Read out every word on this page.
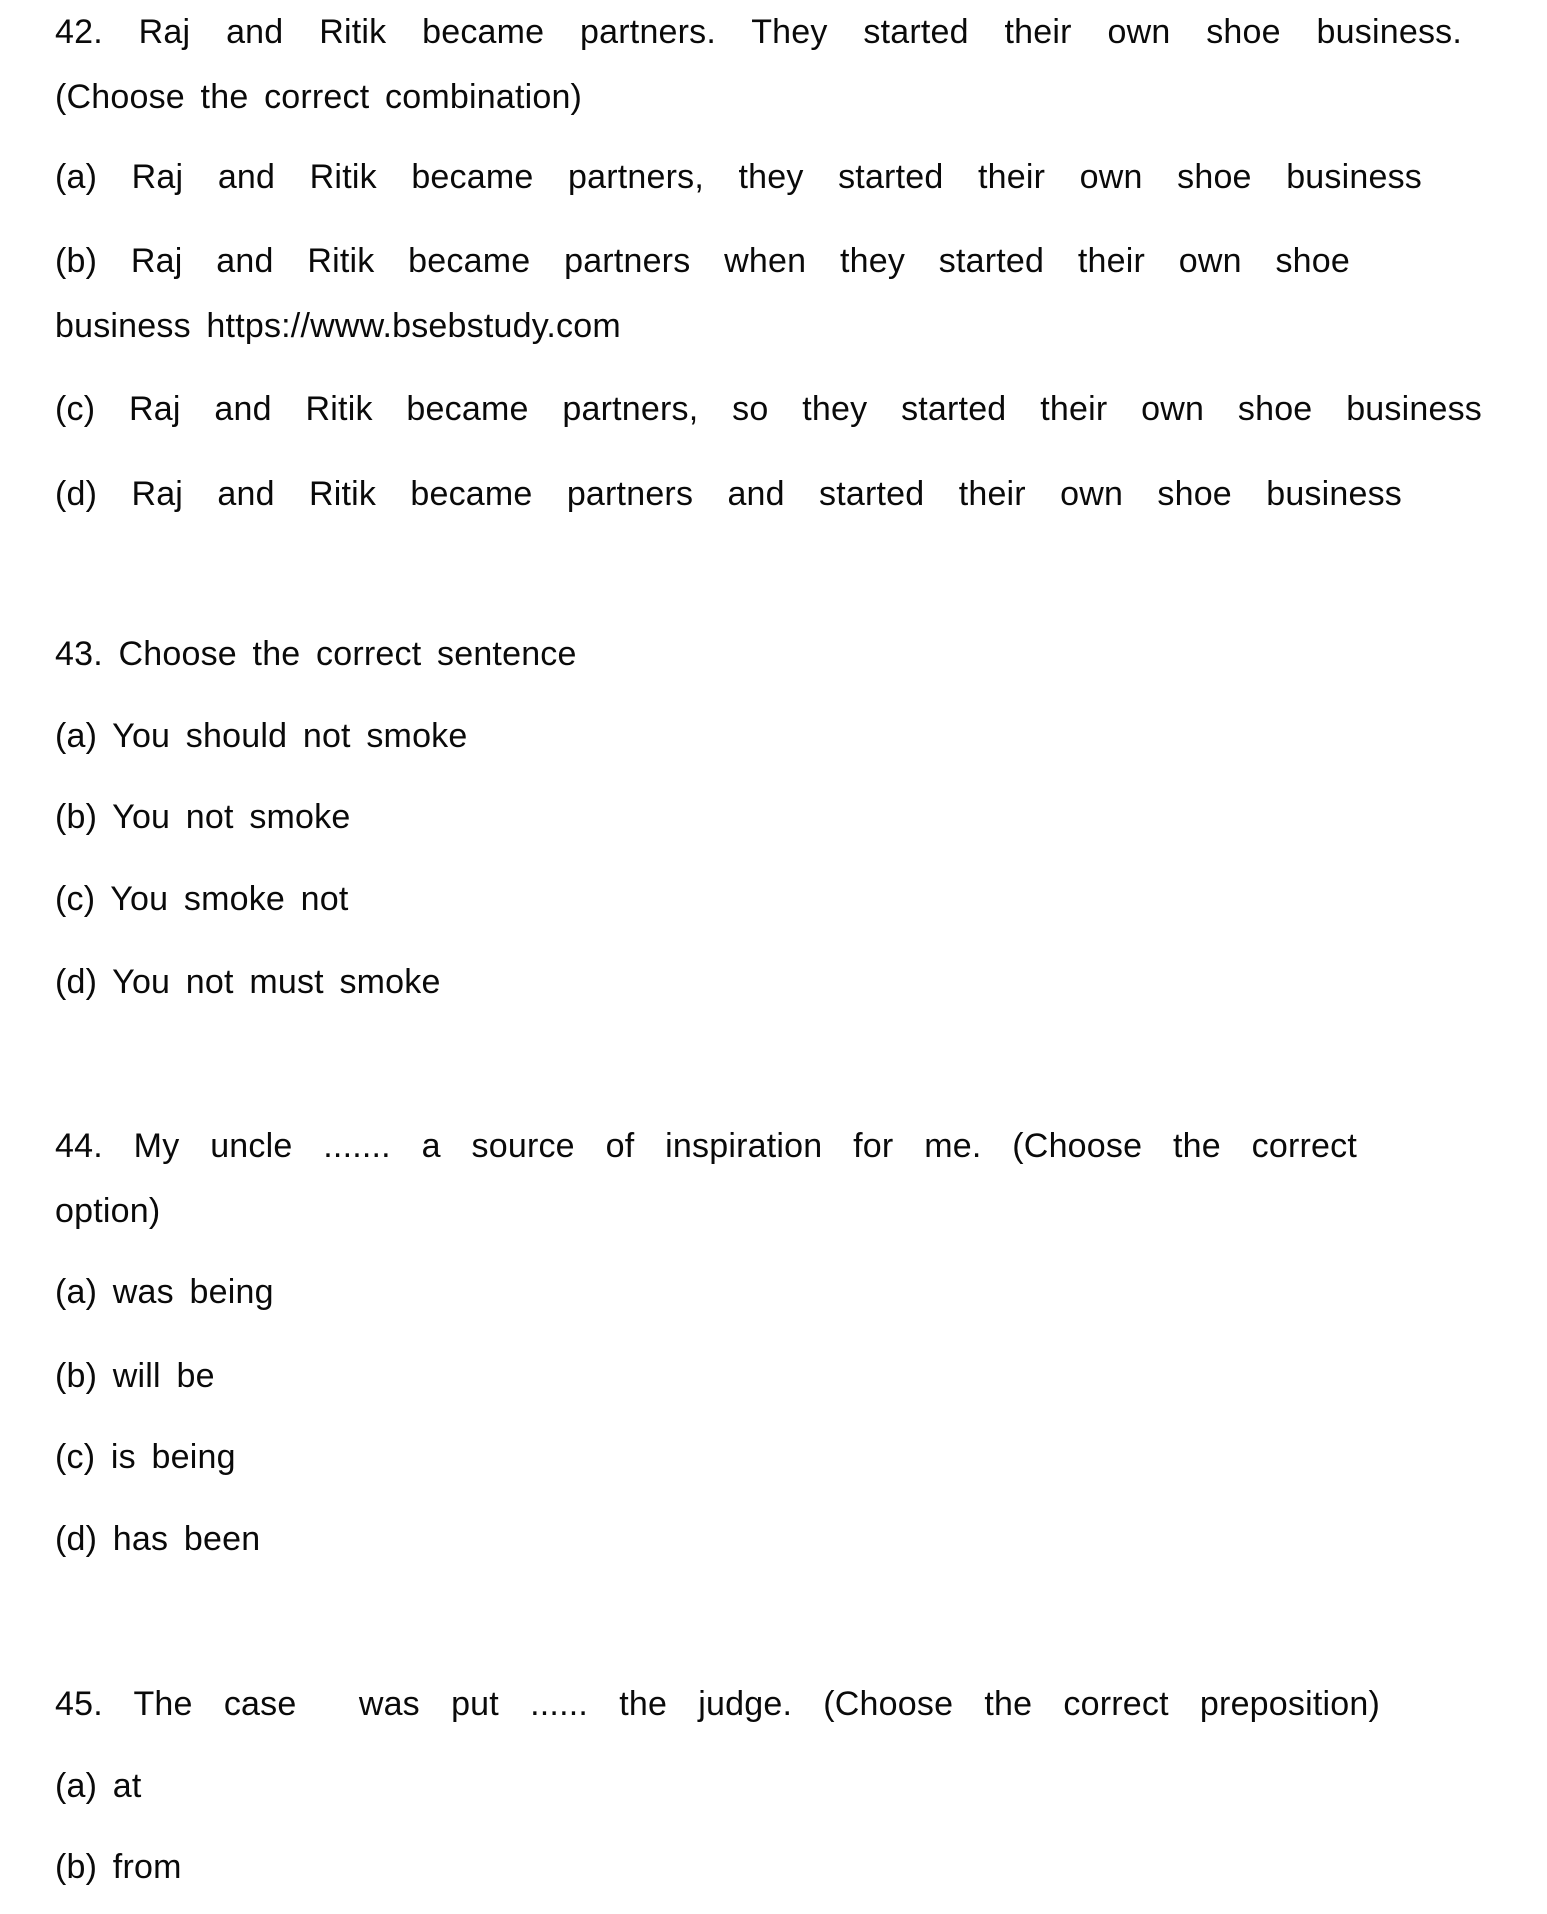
42. Raj and Ritik became partners. They started their own shoe business.
(Choose the correct combination)
(a) Raj and Ritik became partners, they started their own shoe business
(b) Raj and Ritik became partners when they started their own shoe
business https://www.bsebstudy.com
(c) Raj and Ritik became partners, so they started their own shoe business
(d) Raj and Ritik became partners and started their own shoe business
43. Choose the correct sentence
(a) You should not smoke
(b) You not smoke
(c) You smoke not
(d) You not must smoke
44. My uncle ....... a source of inspiration for me. (Choose the correct
option)
(a) was being
(b) will be
(c) is being
(d) has been
45. The case  was put ...... the judge. (Choose the correct preposition)
(a) at
(b) from
